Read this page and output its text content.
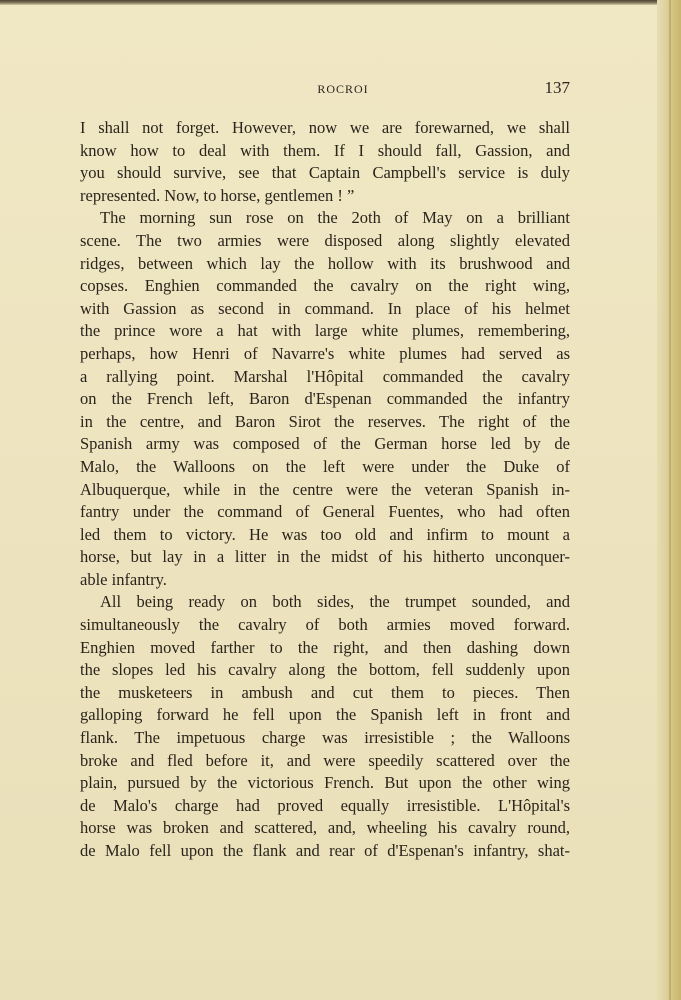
ROCROI	137

I shall not forget. However, now we are forewarned, we shall

know how to deal with them. If I should fall, Gassion, and

you should survive, see that Captain Campbell's service is duly

represented. Now, to horse, gentlemen ! ”

The morning sun rose on the 2oth of May on a brilliant

scene. The two armies were disposed along slightly elevated

ridges, between which lay the hollow with its brushwood and

copses. Enghien commanded the cavalry on the right wing,

with Gassion as second in command. In place of his helmet

the prince wore a hat with large white plumes, remembering,

perhaps, how Henri of Navarre's white plumes had served as

a rallying point. Marshal l'Hôpital commanded the cavalry

on the French left, Baron d'Espenan commanded the infantry

in the centre, and Baron Sirot the reserves. The right of the

Spanish army was composed of the German horse led by de

Malo, the Walloons on the left were under the Duke of

Albuquerque, while in the centre were the veteran Spanish in-

fantry under the command of General Fuentes, who had often

led them to victory. He was too old and infirm to mount a

horse, but lay in a litter in the midst of his hitherto unconquer-

able infantry.

All being ready on both sides, the trumpet sounded, and

simultaneously the cavalry of both armies moved forward.

Enghien moved farther to the right, and then dashing down

the slopes led his cavalry along the bottom, fell suddenly upon

the musketeers in ambush and cut them to pieces. Then

galloping forward he fell upon the Spanish left in front and

flank. The impetuous charge was irresistible ; the Walloons

broke and fled before it, and were speedily scattered over the

plain, pursued by the victorious French. But upon the other wing

de Malo's charge had proved equally irresistible. L'Hôpital's

horse was broken and scattered, and, wheeling his cavalry round,

de Malo fell upon the flank and rear of d'Espenan's infantry, shat-
